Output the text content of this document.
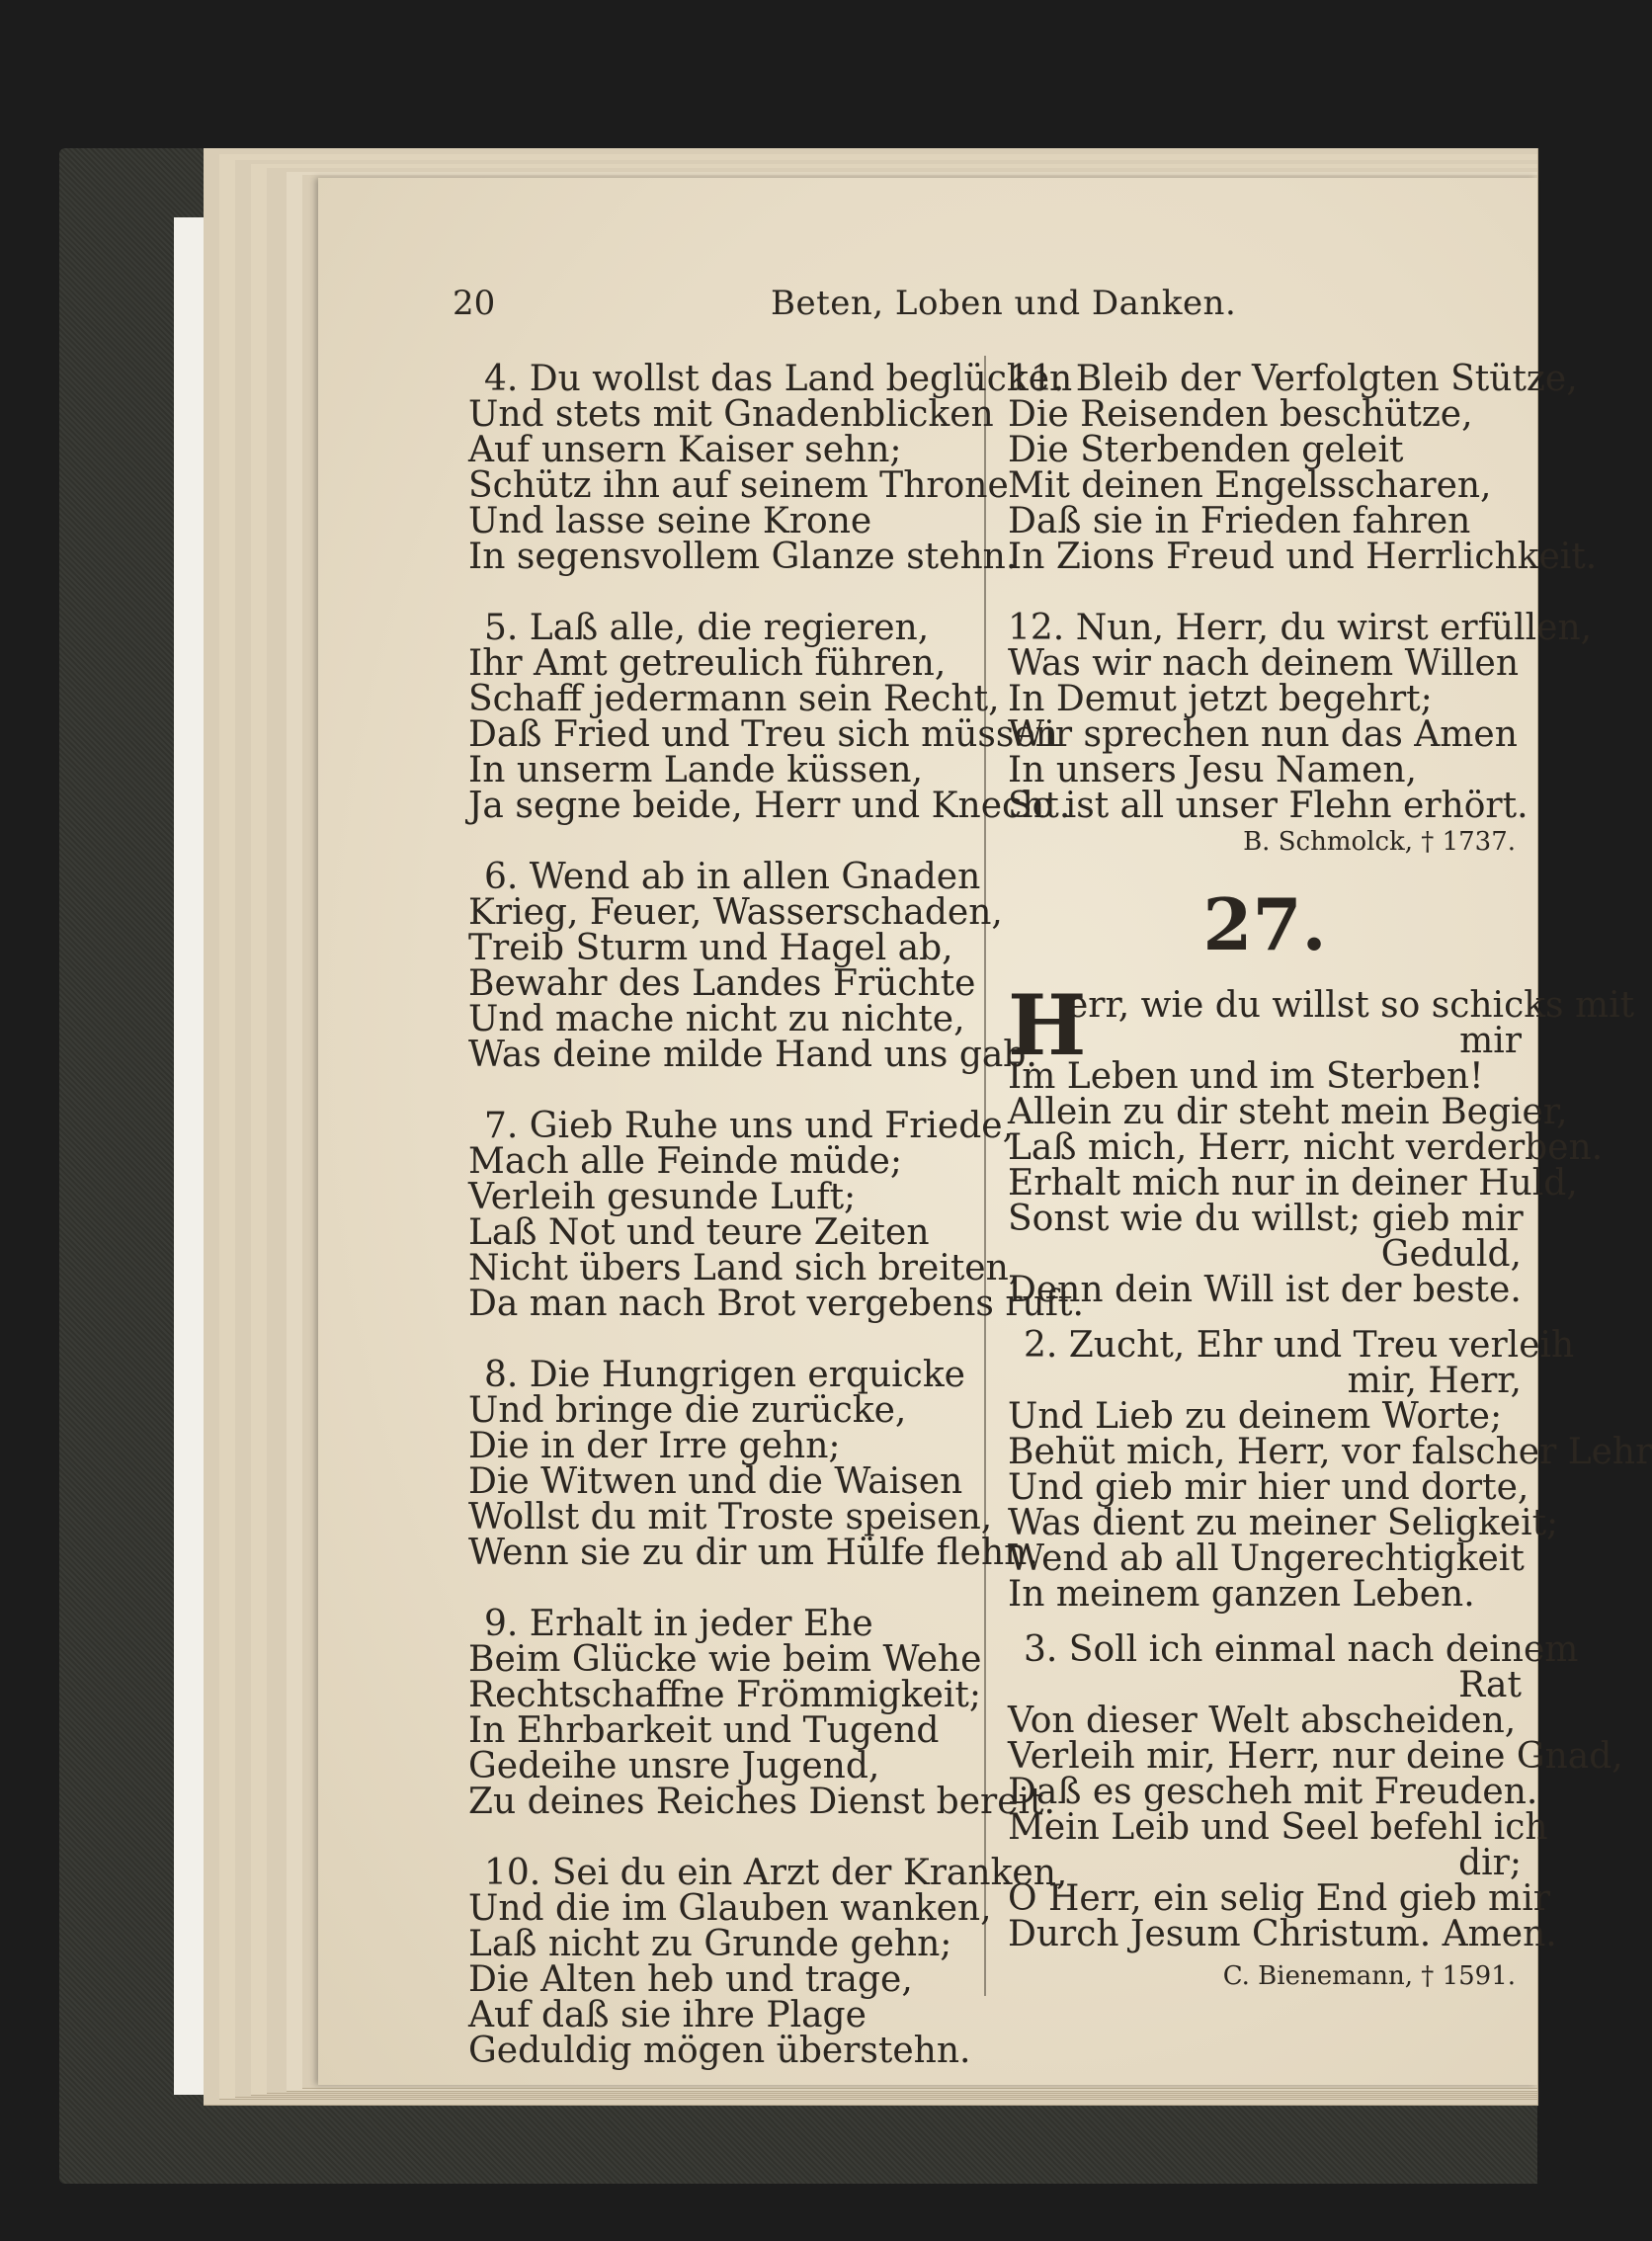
20	Beten, Loben und Danken.
4. Du wollst das Land beglücken
Und stets mit Gnadenblicken
Auf unsern Kaiser sehn;
Schütz ihn auf seinem Throne
Und lasse seine Krone
In segensvollem Glanze stehn.
5. Laß alle, die regieren,
Ihr Amt getreulich führen,
Schaff jedermann sein Recht,
Daß Fried und Treu sich müssen
In unserm Lande küssen,
Ja segne beide, Herr und Knecht.
6. Wend ab in allen Gnaden
Krieg, Feuer, Wasserschaden,
Treib Sturm und Hagel ab,
Bewahr des Landes Früchte
Und mache nicht zu nichte,
Was deine milde Hand uns gab.
7. Gieb Ruhe uns und Friede,
Mach alle Feinde müde;
Verleih gesunde Luft;
Laß Not und teure Zeiten
Nicht übers Land sich breiten,
Da man nach Brot vergebens ruft.
8. Die Hungrigen erquicke
Und bringe die zurücke,
Die in der Irre gehn;
Die Witwen und die Waisen
Wollst du mit Troste speisen,
Wenn sie zu dir um Hülfe flehn.
9. Erhalt in jeder Ehe
Beim Glücke wie beim Wehe
Rechtschaffne Frömmigkeit;
In Ehrbarkeit und Tugend
Gedeihe unsre Jugend,
Zu deines Reiches Dienst bereit.
10. Sei du ein Arzt der Kranken,
Und die im Glauben wanken,
Laß nicht zu Grunde gehn;
Die Alten heb und trage,
Auf daß sie ihre Plage
Geduldig mögen überstehn.
11. Bleib der Verfolgten Stütze,
Die Reisenden beschütze,
Die Sterbenden geleit
Mit deinen Engelsscharen,
Daß sie in Frieden fahren
In Zions Freud und Herrlichkeit.
12. Nun, Herr, du wirst erfüllen,
Was wir nach deinem Willen
In Demut jetzt begehrt;
Wir sprechen nun das Amen
In unsers Jesu Namen,
So ist all unser Flehn erhört.
B. Schmolck, † 1737.
27.
H
err, wie du willst so schicks mit
mir
Im Leben und im Sterben!
Allein zu dir steht mein Begier,
Laß mich, Herr, nicht verderben.
Erhalt mich nur in deiner Huld,
Sonst wie du willst; gieb mir
Geduld,
Denn dein Will ist der beste.
2. Zucht, Ehr und Treu verleih
mir, Herr,
Und Lieb zu deinem Worte;
Behüt mich, Herr, vor falscher Lehr
Und gieb mir hier und dorte,
Was dient zu meiner Seligkeit;
Wend ab all Ungerechtigkeit
In meinem ganzen Leben.
3. Soll ich einmal nach deinem
Rat
Von dieser Welt abscheiden,
Verleih mir, Herr, nur deine Gnad,
Daß es gescheh mit Freuden.
Mein Leib und Seel befehl ich
dir;
O Herr, ein selig End gieb mir
Durch Jesum Christum. Amen.
C. Bienemann, † 1591.
